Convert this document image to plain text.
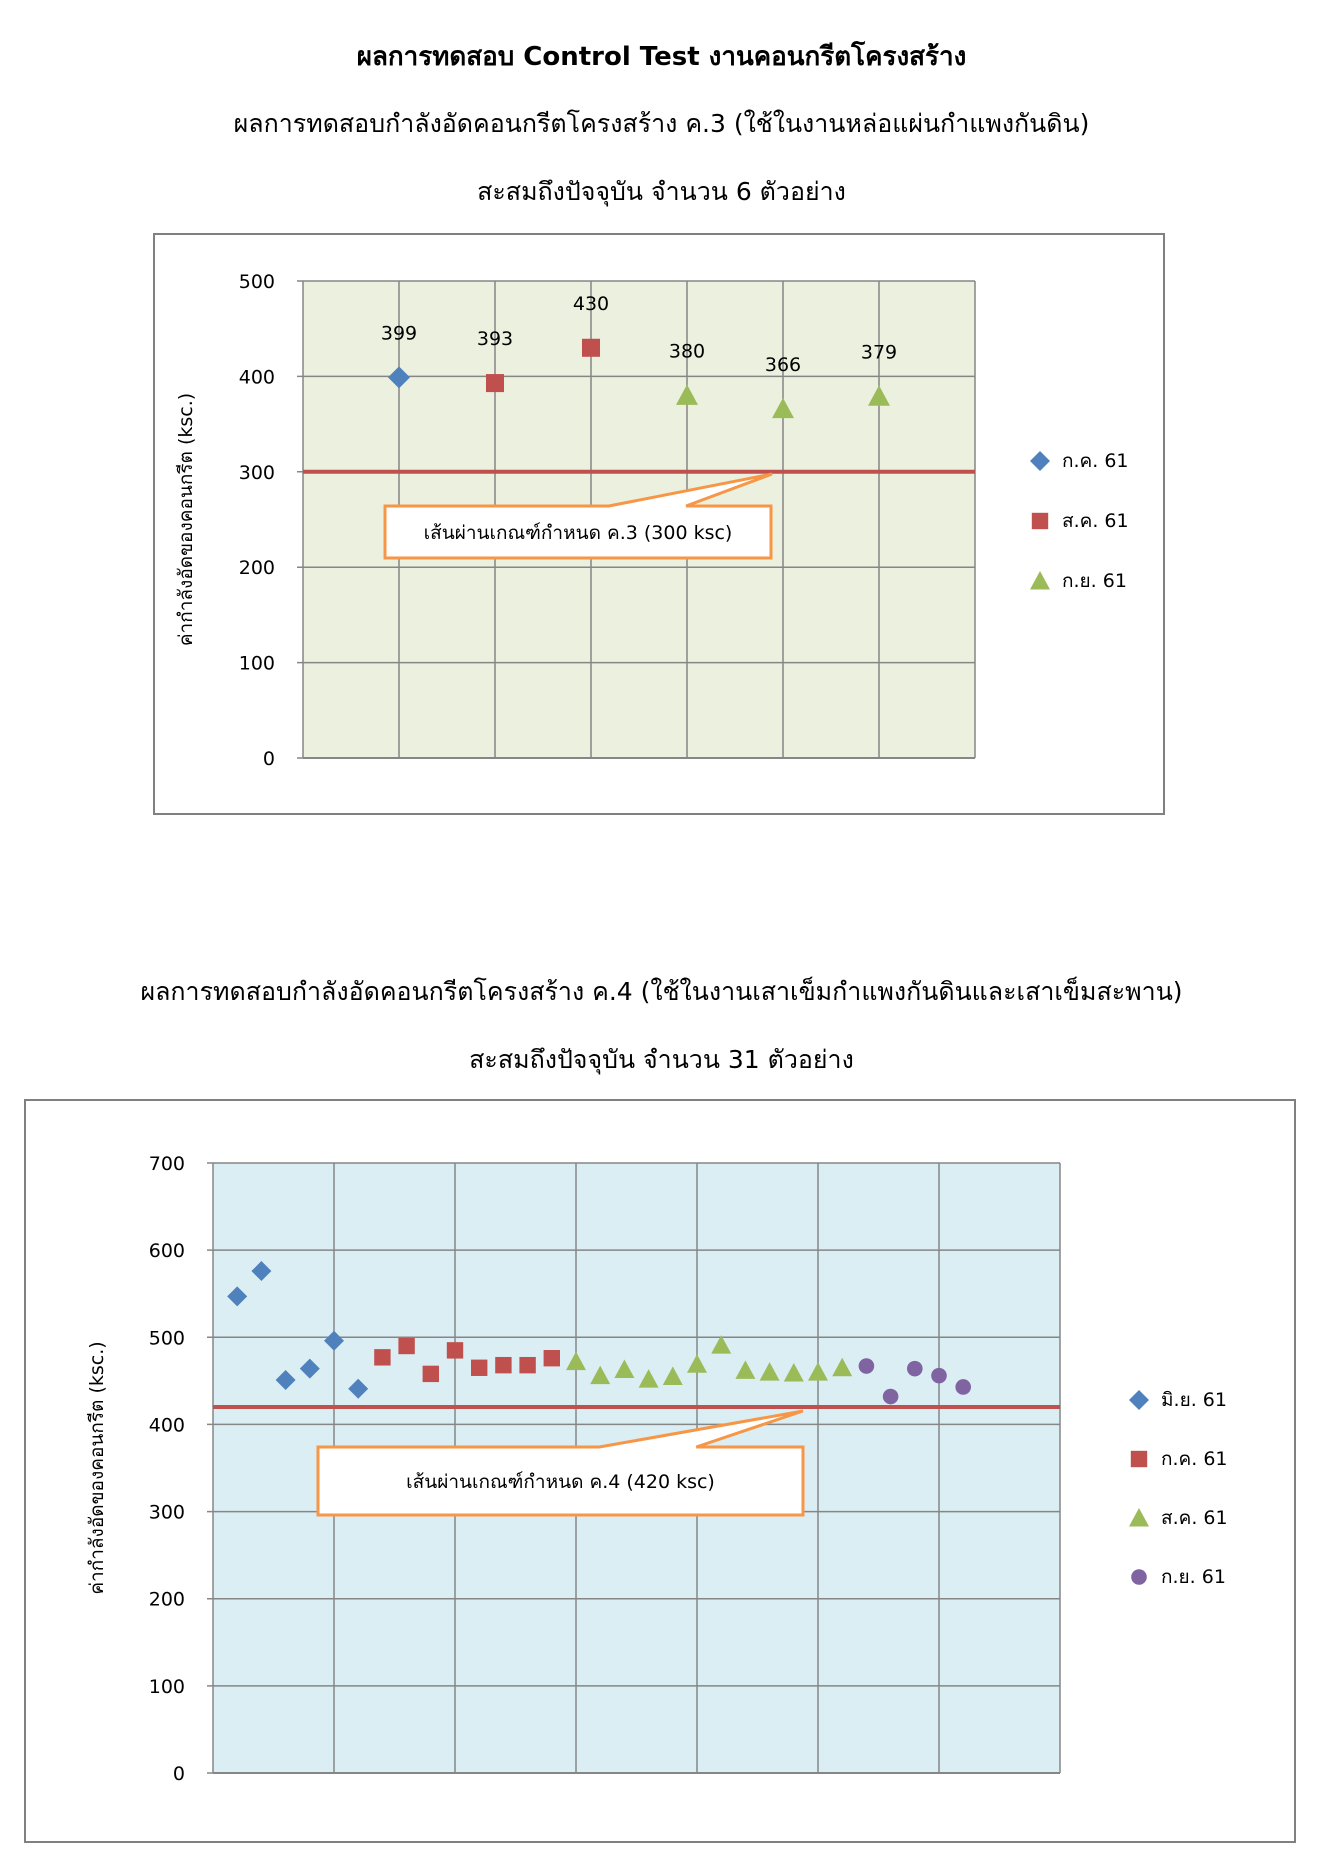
ผลการทดสอบ Control Test งานคอนกรีตโครงสร้าง
ผลการทดสอบกำลังอัดคอนกรีตโครงสร้าง ค.3 (ใช้ในงานหล่อแผ่นกำแพงกันดิน)
สะสมถึงปัจจุบัน จำนวน 6 ตัวอย่าง
ผลการทดสอบกำลังอัดคอนกรีตโครงสร้าง ค.4 (ใช้ในงานเสาเข็มกำแพงกันดินและเสาเข็มสะพาน)
สะสมถึงปัจจุบัน จำนวน 31 ตัวอย่าง
0
100
200
300
400
500
ค่ากำลังอัดของคอนกรีต (ksc.)	เส้นผ่านเกณฑ์กำหนด ค.3 (300 ksc)
399
ก.ค. 61
393
430
ส.ค. 61
380
366
379
ก.ย. 61
0
100
200
300
400
500
600
700
ค่ากำลังอัดของคอนกรีต (ksc.)	เส้นผ่านเกณฑ์กำหนด ค.4 (420 ksc)
มิ.ย. 61
ก.ค. 61
ส.ค. 61
ก.ย. 61
